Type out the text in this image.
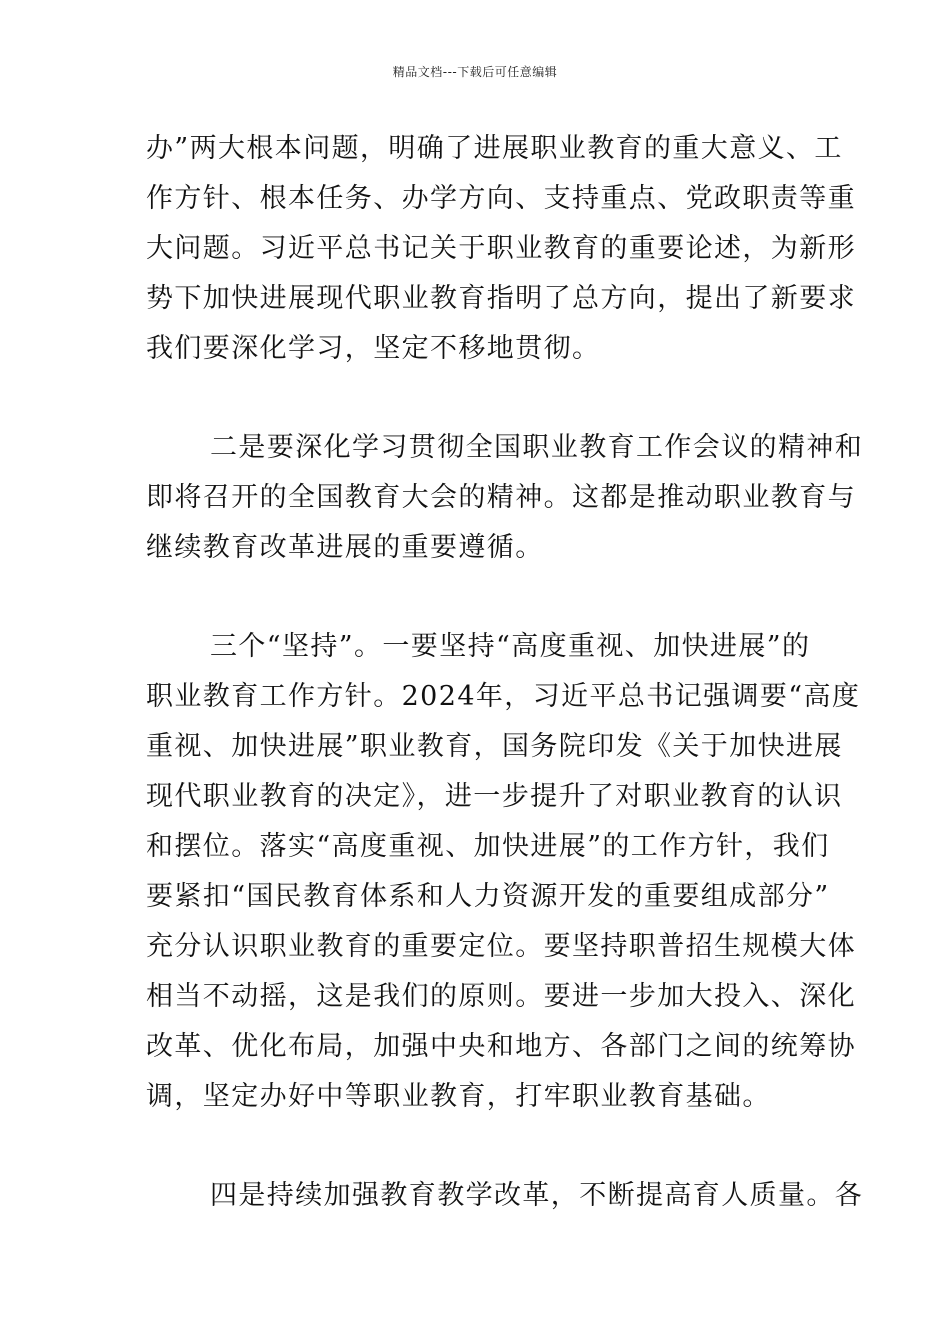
精品文档---下载后可任意编辑
办”两大根本问题，明确了进展职业教育的重大意义、工
作方针、根本任务、办学方向、支持重点、党政职责等重
大问题。习近平总书记关于职业教育的重要论述，为新形
势下加快进展现代职业教育指明了总方向，提出了新要求
我们要深化学习，坚定不移地贯彻。
二是要深化学习贯彻全国职业教育工作会议的精神和
即将召开的全国教育大会的精神。这都是推动职业教育与
继续教育改革进展的重要遵循。
三个“坚持”。一要坚持“高度重视、加快进展”的
职业教育工作方针。2024年，习近平总书记强调要“高度
重视、加快进展”职业教育，国务院印发《关于加快进展
现代职业教育的决定》，进一步提升了对职业教育的认识
和摆位。落实“高度重视、加快进展”的工作方针，我们
要紧扣“国民教育体系和人力资源开发的重要组成部分”
充分认识职业教育的重要定位。要坚持职普招生规模大体
相当不动摇，这是我们的原则。要进一步加大投入、深化
改革、优化布局，加强中央和地方、各部门之间的统筹协
调，坚定办好中等职业教育，打牢职业教育基础。
四是持续加强教育教学改革，不断提高育人质量。各
